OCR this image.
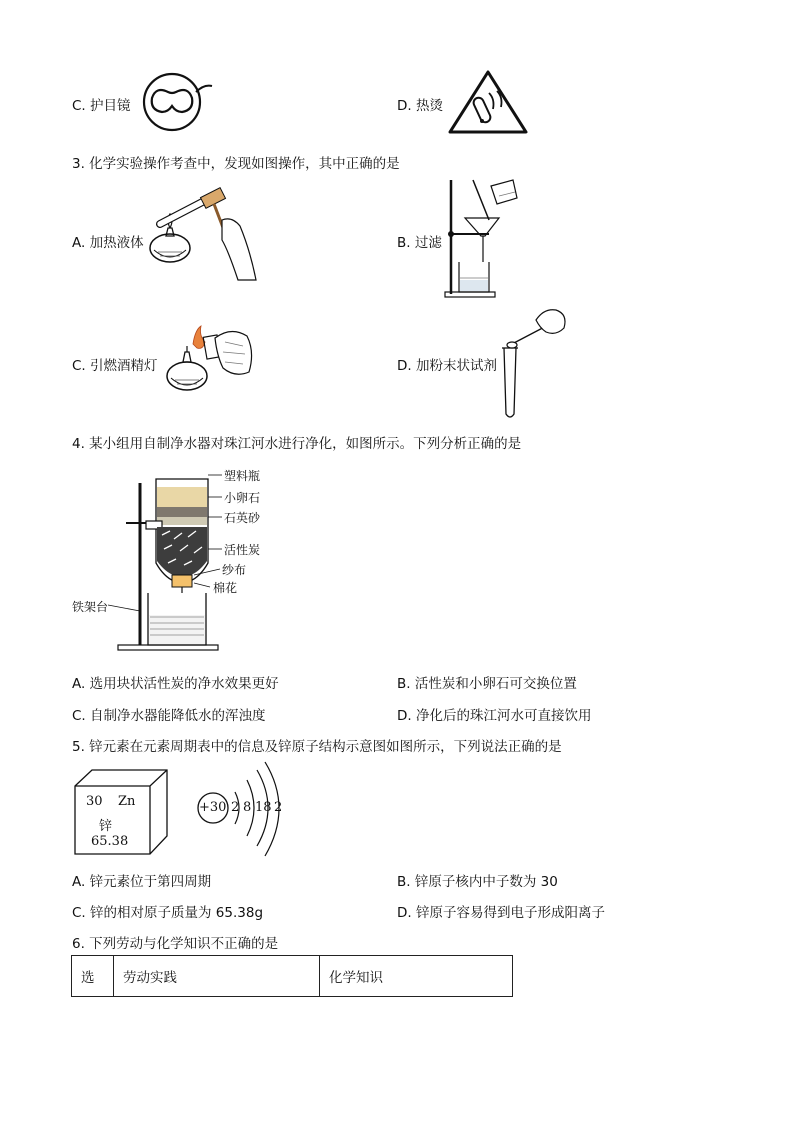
C. 护目镜	D. 热烫
3. 化学实验操作考查中，发现如图操作，其中正确的是
A. 加热液体	B. 过滤
C. 引燃酒精灯	D. 加粉末状试剂
4. 某小组用自制净水器对珠江河水进行净化，如图所示。下列分析正确的是
塑料瓶
小卵石
石英砂
活性炭
纱布
棉花
铁架台
A. 选用块状活性炭的净水效果更好	B. 活性炭和小卵石可交换位置
C. 自制净水器能降低水的浑浊度	D. 净化后的珠江河水可直接饮用
5. 锌元素在元素周期表中的信息及锌原子结构示意图如图所示，下列说法正确的是
30 Zn
锌
65.38
+30 2 8 18 2
A. 锌元素位于第四周期	B. 锌原子核内中子数为 30
C. 锌的相对原子质量为 65.38g	D. 锌原子容易得到电子形成阳离子
6. 下列劳动与化学知识不正确的是
选	劳动实践	化学知识
